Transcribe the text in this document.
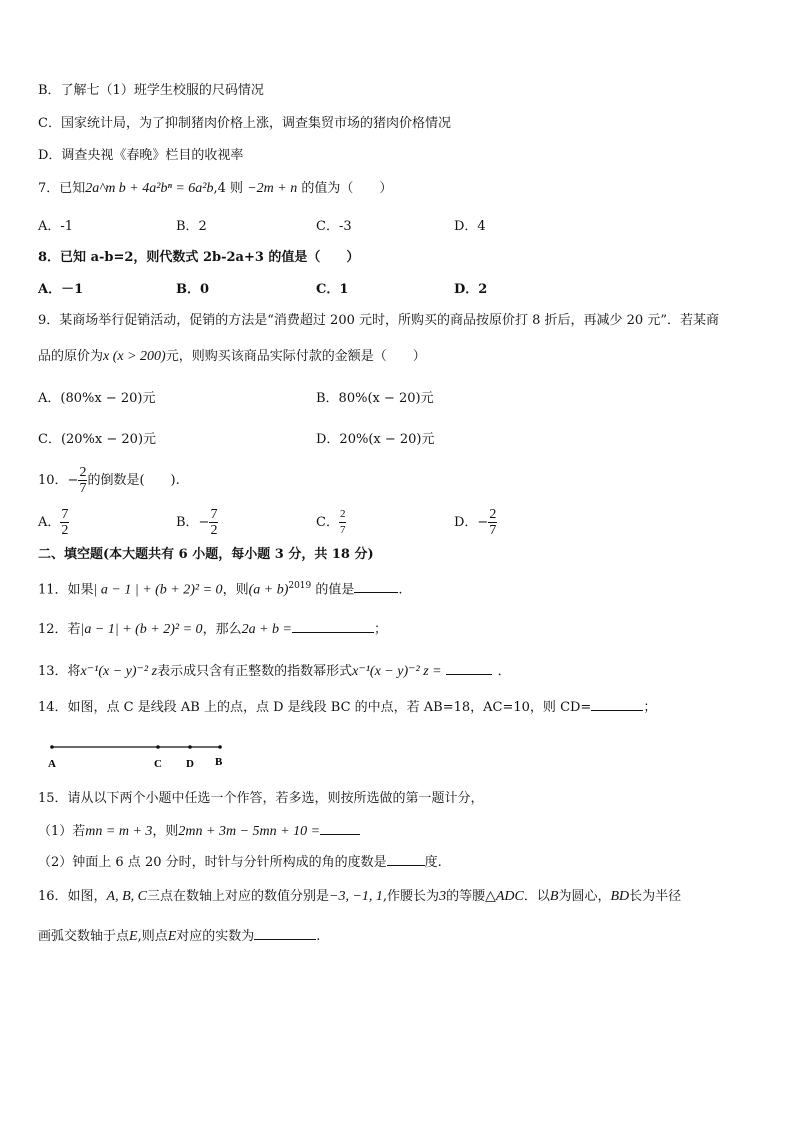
B．了解七（1）班学生校服的尺码情况
C．国家统计局，为了抑制猪肉价格上涨，调查集贸市场的猪肉价格情况
D．调查央视《春晚》栏目的收视率
7．已知2a^m b + 4a²bⁿ = 6a²b,4 则 −2m + n 的值为（　　）
A．-1	B．2	C．-3	D．4
8．已知 a-b=2，则代数式 2b-2a+3 的值是（　　）
A．－1	B．0	C．1	D．2
9．某商场举行促销活动，促销的方法是“消费超过 200 元时，所购买的商品按原价打 8 折后，再减少 20 元”．若某商
品的原价为x (x > 200)元，则购买该商品实际付款的金额是（　　）
A．(80%x − 20)元	B．80%(x − 20)元
C．(20%x − 20)元	D．20%(x − 20)元
10．− $\frac{2}{7}$ 的倒数是(　　).
A． $\frac{7}{2}$	B．− $\frac{7}{2}$	C． $\frac{2}{7}$	D．− $\frac{2}{7}$
二、填空题(本大题共有 6 小题，每小题 3 分，共 18 分)
11．如果| a − 1 | + (b + 2)² = 0，则$(a + b)^{2019}$ 的值是	.
12．若|a − 1| + (b + 2)² = 0，那么2a + b =	；
13．将x⁻¹(x − y)⁻² z表示成只含有正整数的指数幂形式x⁻¹(x − y)⁻² z =	．
14．如图，点 C 是线段 AB 上的点，点 D 是线段 BC 的中点，若 AB=18，AC=10，则 CD=	；
A	C D B
15．请从以下两个小题中任选一个作答，若多选，则按所选做的第一题计分，
（1）若mn = m + 3，则2mn + 3m − 5mn + 10 =
（2）钟面上 6 点 20 分时，时针与分针所构成的角的度数是	度.
16．如图，A, B, C三点在数轴上对应的数值分别是−3, −1, 1,作腰长为3的等腰△ADC．以B为圆心，BD长为半径
画弧交数轴于点E,则点E对应的实数为	.
